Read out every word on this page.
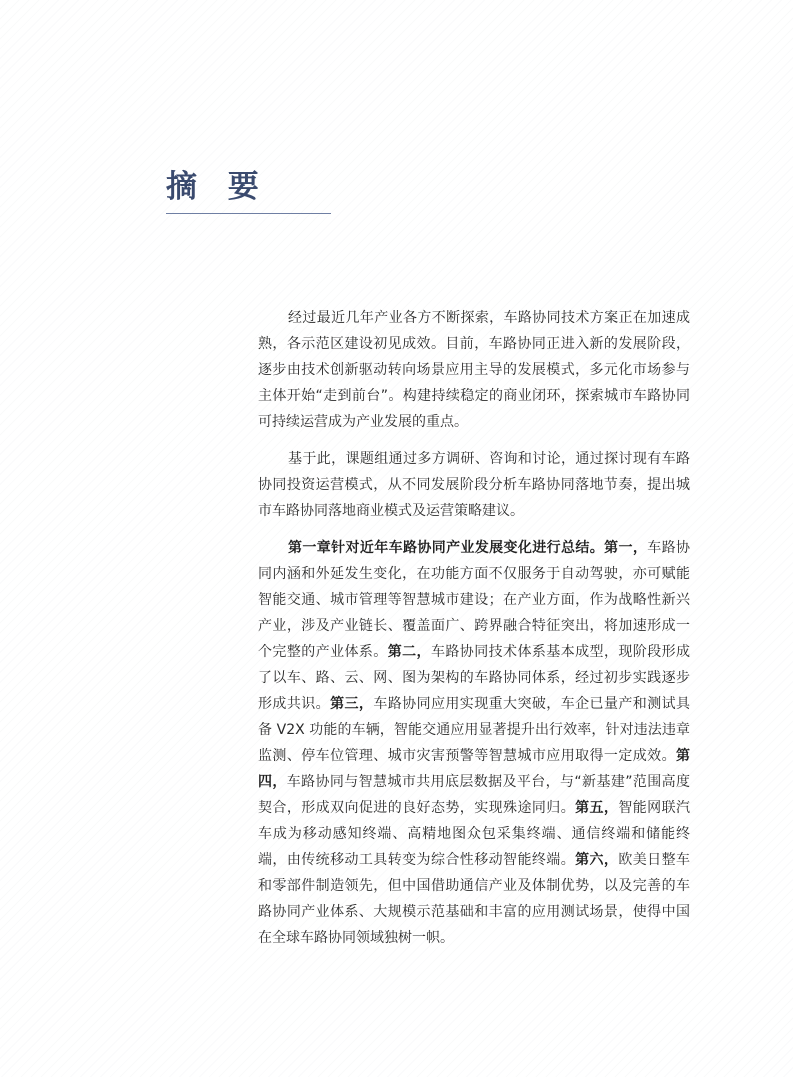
摘 要

经过最近几年产业各方不断探索，车路协同技术方案正在加速成熟，各示范区建设初见成效。目前，车路协同正进入新的发展阶段，逐步由技术创新驱动转向场景应用主导的发展模式，多元化市场参与主体开始“走到前台”。构建持续稳定的商业闭环，探索城市车路协同可持续运营成为产业发展的重点。

基于此，课题组通过多方调研、咨询和讨论，通过探讨现有车路协同投资运营模式，从不同发展阶段分析车路协同落地节奏，提出城市车路协同落地商业模式及运营策略建议。

第一章针对近年车路协同产业发展变化进行总结。第一，车路协同内涵和外延发生变化，在功能方面不仅服务于自动驾驶，亦可赋能智能交通、城市管理等智慧城市建设；在产业方面，作为战略性新兴产业，涉及产业链长、覆盖面广、跨界融合特征突出，将加速形成一个完整的产业体系。第二，车路协同技术体系基本成型，现阶段形成了以车、路、云、网、图为架构的车路协同体系，经过初步实践逐步形成共识。第三，车路协同应用实现重大突破，车企已量产和测试具备 V2X 功能的车辆，智能交通应用显著提升出行效率，针对违法违章监测、停车位管理、城市灾害预警等智慧城市应用取得一定成效。第四，车路协同与智慧城市共用底层数据及平台，与“新基建”范围高度契合，形成双向促进的良好态势，实现殊途同归。第五，智能网联汽车成为移动感知终端、高精地图众包采集终端、通信终端和储能终端，由传统移动工具转变为综合性移动智能终端。第六，欧美日整车和零部件制造领先，但中国借助通信产业及体制优势，以及完善的车路协同产业体系、大规模示范基础和丰富的应用测试场景，使得中国在全球车路协同领域独树一帜。
